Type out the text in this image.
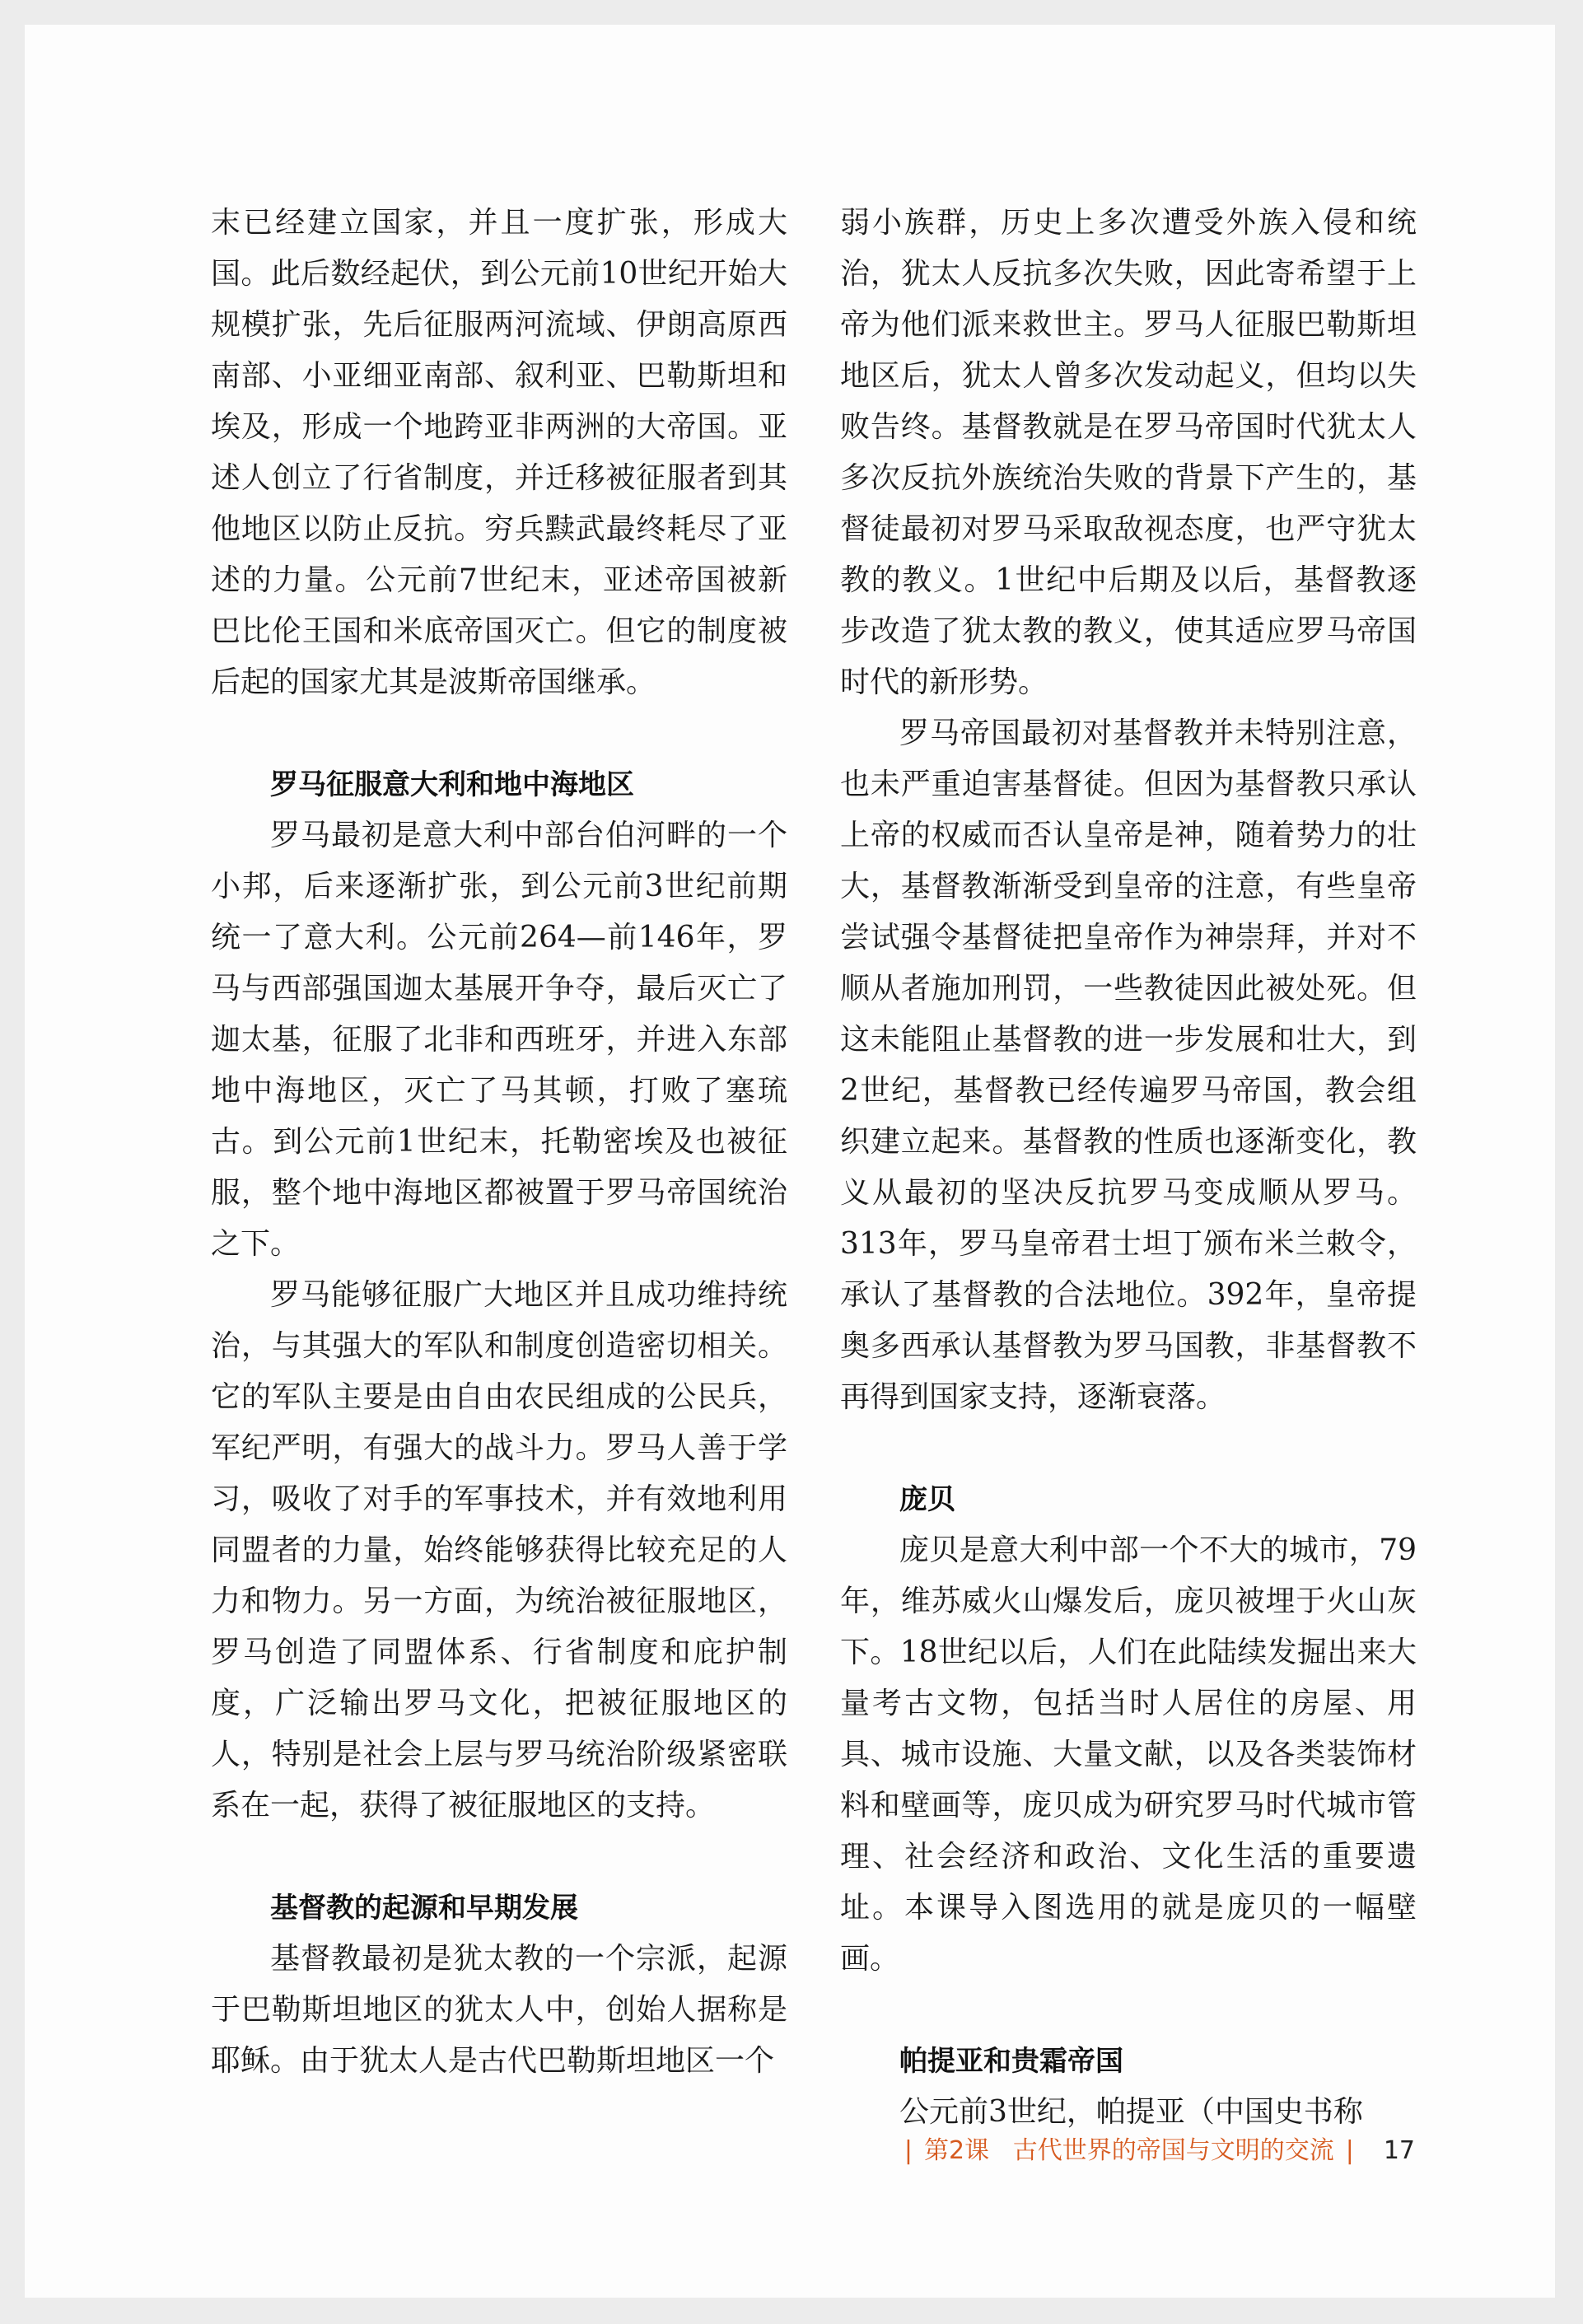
末已经建立国家，并且一度扩张，形成大国。此后数经起伏，到公元前10世纪开始大规模扩张，先后征服两河流域、伊朗高原西南部、小亚细亚南部、叙利亚、巴勒斯坦和埃及，形成一个地跨亚非两洲的大帝国。亚述人创立了行省制度，并迁移被征服者到其他地区以防止反抗。穷兵黩武最终耗尽了亚述的力量。公元前7世纪末，亚述帝国被新巴比伦王国和米底帝国灭亡。但它的制度被后起的国家尤其是波斯帝国继承。

罗马征服意大利和地中海地区

罗马最初是意大利中部台伯河畔的一个小邦，后来逐渐扩张，到公元前3世纪前期统一了意大利。公元前264—前146年，罗马与西部强国迦太基展开争夺，最后灭亡了迦太基，征服了北非和西班牙，并进入东部地中海地区，灭亡了马其顿，打败了塞琉古。到公元前1世纪末，托勒密埃及也被征服，整个地中海地区都被置于罗马帝国统治之下。

罗马能够征服广大地区并且成功维持统治，与其强大的军队和制度创造密切相关。它的军队主要是由自由农民组成的公民兵，军纪严明，有强大的战斗力。罗马人善于学习，吸收了对手的军事技术，并有效地利用同盟者的力量，始终能够获得比较充足的人力和物力。另一方面，为统治被征服地区，罗马创造了同盟体系、行省制度和庇护制度，广泛输出罗马文化，把被征服地区的人，特别是社会上层与罗马统治阶级紧密联系在一起，获得了被征服地区的支持。

基督教的起源和早期发展

基督教最初是犹太教的一个宗派，起源于巴勒斯坦地区的犹太人中，创始人据称是耶稣。由于犹太人是古代巴勒斯坦地区一个

弱小族群，历史上多次遭受外族入侵和统治，犹太人反抗多次失败，因此寄希望于上帝为他们派来救世主。罗马人征服巴勒斯坦地区后，犹太人曾多次发动起义，但均以失败告终。基督教就是在罗马帝国时代犹太人多次反抗外族统治失败的背景下产生的，基督徒最初对罗马采取敌视态度，也严守犹太教的教义。1世纪中后期及以后，基督教逐步改造了犹太教的教义，使其适应罗马帝国时代的新形势。

罗马帝国最初对基督教并未特别注意，也未严重迫害基督徒。但因为基督教只承认上帝的权威而否认皇帝是神，随着势力的壮大，基督教渐渐受到皇帝的注意，有些皇帝尝试强令基督徒把皇帝作为神崇拜，并对不顺从者施加刑罚，一些教徒因此被处死。但这未能阻止基督教的进一步发展和壮大，到2世纪，基督教已经传遍罗马帝国，教会组织建立起来。基督教的性质也逐渐变化，教义从最初的坚决反抗罗马变成顺从罗马。313年，罗马皇帝君士坦丁颁布米兰敕令，承认了基督教的合法地位。392年，皇帝提奥多西承认基督教为罗马国教，非基督教不再得到国家支持，逐渐衰落。

庞贝

庞贝是意大利中部一个不大的城市，79年，维苏威火山爆发后，庞贝被埋于火山灰下。18世纪以后，人们在此陆续发掘出来大量考古文物，包括当时人居住的房屋、用具、城市设施、大量文献，以及各类装饰材料和壁画等，庞贝成为研究罗马时代城市管理、社会经济和政治、文化生活的重要遗址。本课导入图选用的就是庞贝的一幅壁画。

帕提亚和贵霜帝国

公元前3世纪，帕提亚（中国史书称

| 第2课 古代世界的帝国与文明的交流 | 17
